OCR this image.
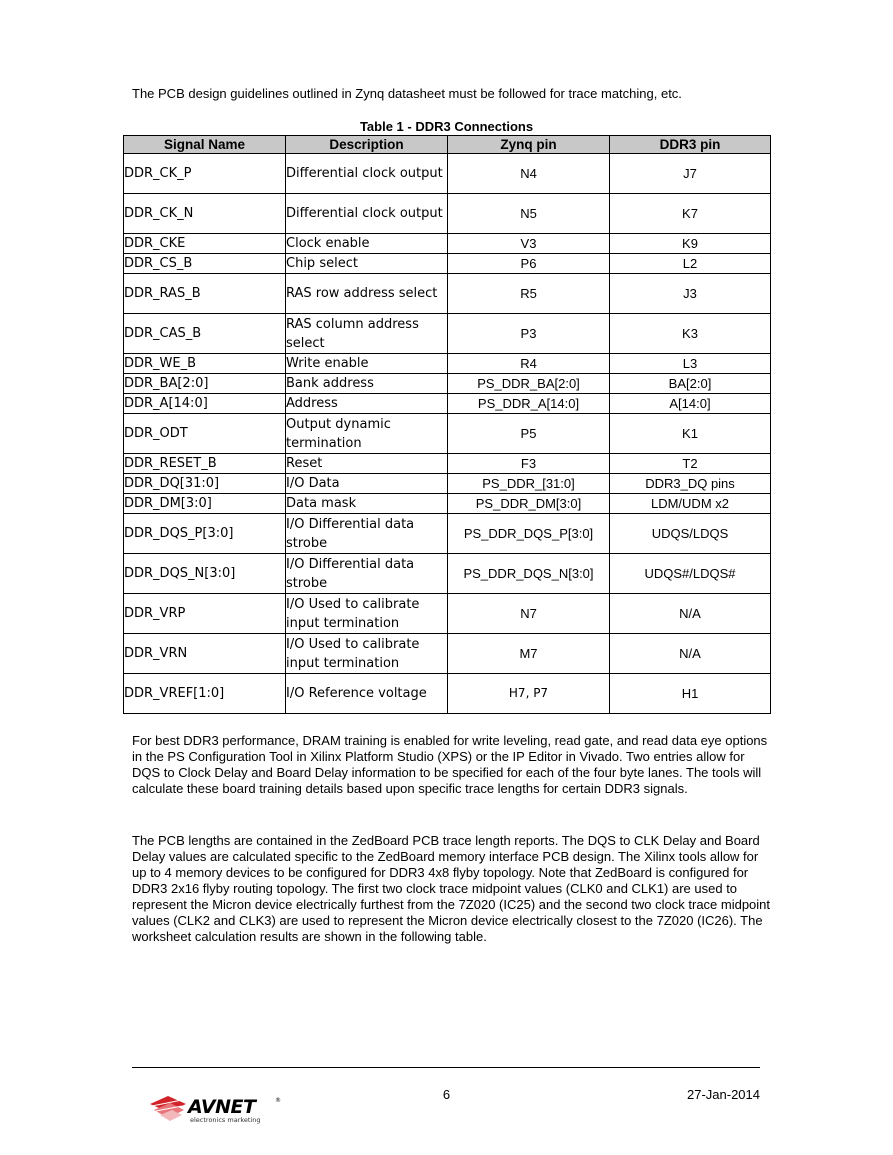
The PCB design guidelines outlined in Zynq datasheet must be followed for trace matching, etc.

Table 1 - DDR3 Connections

Signal Name	Description	Zynq pin	DDR3 pin
DDR_CK_P	Differential clock output	N4	J7
DDR_CK_N	Differential clock output	N5	K7
DDR_CKE	Clock enable	V3	K9
DDR_CS_B	Chip select	P6	L2
DDR_RAS_B	RAS row address select	R5	J3
DDR_CAS_B	RAS column address select	P3	K3
DDR_WE_B	Write enable	R4	L3
DDR_BA[2:0]	Bank address	PS_DDR_BA[2:0]	BA[2:0]
DDR_A[14:0]	Address	PS_DDR_A[14:0]	A[14:0]
DDR_ODT	Output dynamic termination	P5	K1
DDR_RESET_B	Reset	F3	T2
DDR_DQ[31:0]	I/O Data	PS_DDR_[31:0]	DDR3_DQ pins
DDR_DM[3:0]	Data mask	PS_DDR_DM[3:0]	LDM/UDM x2
DDR_DQS_P[3:0]	I/O Differential data strobe	PS_DDR_DQS_P[3:0]	UDQS/LDQS
DDR_DQS_N[3:0]	I/O Differential data strobe	PS_DDR_DQS_N[3:0]	UDQS#/LDQS#
DDR_VRP	I/O Used to calibrate input termination	N7	N/A
DDR_VRN	I/O Used to calibrate input termination	M7	N/A
DDR_VREF[1:0]	I/O Reference voltage	H7, P7	H1

For best DDR3 performance, DRAM training is enabled for write leveling, read gate, and read data eye options in the PS Configuration Tool in Xilinx Platform Studio (XPS) or the IP Editor in Vivado. Two entries allow for DQS to Clock Delay and Board Delay information to be specified for each of the four byte lanes. The tools will calculate these board training details based upon specific trace lengths for certain DDR3 signals.

The PCB lengths are contained in the ZedBoard PCB trace length reports. The DQS to CLK Delay and Board Delay values are calculated specific to the ZedBoard memory interface PCB design. The Xilinx tools allow for up to 4 memory devices to be configured for DDR3 4x8 flyby topology. Note that ZedBoard is configured for DDR3 2x16 flyby routing topology. The first two clock trace midpoint values (CLK0 and CLK1) are used to represent the Micron device electrically furthest from the 7Z020 (IC25) and the second two clock trace midpoint values (CLK2 and CLK3) are used to represent the Micron device electrically closest to the 7Z020 (IC26). The worksheet calculation results are shown in the following table.

AVNET	®
electronics marketing

6	27-Jan-2014
